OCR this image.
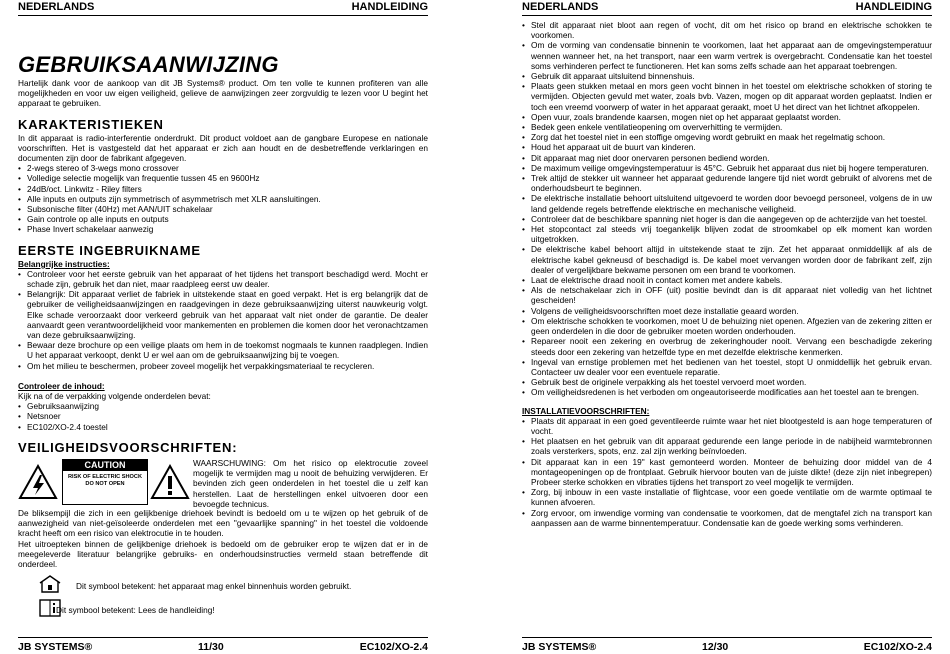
NEDERLANDS	HANDLEIDING
GEBRUIKSAANWIJZING

Hartelijk dank voor de aankoop van dit JB Systems® product. Om ten volle te kunnen profiteren van alle mogelijkheden en voor uw eigen veiligheid, gelieve de aanwijzingen zeer zorgvuldig te lezen voor U begint het apparaat te gebruiken.

KARAKTERISTIEKEN

In dit apparaat is radio-interferentie onderdrukt. Dit product voldoet aan de gangbare Europese en nationale voorschriften. Het is vastgesteld dat het apparaat er zich aan houdt en de desbetreffende verklaringen en documenten zijn door de fabrikant afgegeven.

• 2-wegs stereo of 3-wegs mono crossover
• Volledige selectie mogelijk van frequentie tussen 45 en 9600Hz
• 24dB/oct. Linkwitz - Riley filters
• Alle inputs en outputs zijn symmetrisch of asymmetrisch met XLR aansluitingen.
• Subsonische filter (40Hz) met AAN/UIT schakelaar
• Gain controle op alle inputs en outputs
• Phase Invert schakelaar aanwezig
EERSTE INGEBRUIKNAME
Belangrijke instructies:
• Controleer voor het eerste gebruik van het apparaat of het tijdens het transport beschadigd werd. Mocht er schade zijn, gebruik het dan niet, maar raadpleeg eerst uw dealer.
• Belangrijk: Dit apparaat verliet de fabriek in uitstekende staat en goed verpakt. Het is erg belangrijk dat de gebruiker de veiligheidsaanwijzingen en raadgevingen in deze gebruiksaanwijzing uiterst nauwkeurig volgt. Elke schade veroorzaakt door verkeerd gebruik van het apparaat valt niet onder de garantie. De dealer aanvaardt geen verantwoordelijkheid voor mankementen en problemen die komen door het veronachtzamen van deze gebruiksaanwijzing.
• Bewaar deze brochure op een veilige plaats om hem in de toekomst nogmaals te kunnen raadplegen. Indien U het apparaat verkoopt, denkt U er wel aan om de gebruiksaanwijzing bij te voegen.
• Om het milieu te beschermen, probeer zoveel mogelijk het verpakkingsmateriaal te recycleren.
Controleer de inhoud:

Kijk na of de verpakking volgende onderdelen bevat:

• Gebruiksaanwijzing
• Netsnoer
• EC102/XO-2.4 toestel
VEILIGHEIDSVOORSCHRIFTEN:
CAUTION
RISK OF ELECTRIC SHOCK
DO NOT OPEN

WAARSCHUWING: Om het risico op elektrocutie zoveel mogelijk te vermijden mag u nooit de behuizing verwijderen. Er bevinden zich geen onderdelen in het toestel die u zelf kan herstellen. Laat de herstellingen enkel uitvoeren door een bevoegde technicus.

De bliksempijl die zich in een gelijkbenige driehoek bevindt is bedoeld om u te wijzen op het gebruik of de aanwezigheid van niet-geïsoleerde onderdelen met een "gevaarlijke spanning" in het toestel die voldoende kracht heeft om een risico van elektrocutie in te houden.

Het uitroepteken binnen de gelijkbenige driehoek is bedoeld om de gebruiker erop te wijzen dat er in de meegeleverde literatuur belangrijke gebruiks- en onderhoudsinstructies vermeld staan betreffende dit onderdeel.

Dit symbool betekent: het apparaat mag enkel binnenhuis worden gebruikt.
Dit symbool betekent: Lees de handleiding!
JB SYSTEMS®	11/30	EC102/XO-2.4
NEDERLANDS	HANDLEIDING
• Stel dit apparaat niet bloot aan regen of vocht, dit om het risico op brand en elektrische schokken te voorkomen.
• Om de vorming van condensatie binnenin te voorkomen, laat het apparaat aan de omgevingstemperatuur wennen wanneer het, na het transport, naar een warm vertrek is overgebracht. Condensatie kan het toestel soms verhinderen perfect te functioneren. Het kan soms zelfs schade aan het apparaat toebrengen.
• Gebruik dit apparaat uitsluitend binnenshuis.
• Plaats geen stukken metaal en mors geen vocht binnen in het toestel om elektrische schokken of storing te vermijden. Objecten gevuld met water, zoals bvb. Vazen, mogen op dit apparaat worden geplaatst. Indien er toch een vreemd voorwerp of water in het apparaat geraakt, moet U het direct van het lichtnet afkoppelen.
• Open vuur, zoals brandende kaarsen, mogen niet op het apparaat geplaatst worden.
• Bedek geen enkele ventilatieopening om oververhitting te vermijden.
• Zorg dat het toestel niet in een stoffige omgeving wordt gebruikt en maak het regelmatig schoon.
• Houd het apparaat uit de buurt van kinderen.
• Dit apparaat mag niet door onervaren personen bediend worden.
• De maximum veilige omgevingstemperatuur is 45°C. Gebruik het apparaat dus niet bij hogere temperaturen.
• Trek altijd de stekker uit wanneer het apparaat gedurende langere tijd niet wordt gebruikt of alvorens met de onderhoudsbeurt te beginnen.
• De elektrische installatie behoort uitsluitend uitgevoerd te worden door bevoegd personeel, volgens de in uw land geldende regels betreffende elektrische en mechanische veiligheid.
• Controleer dat de beschikbare spanning niet hoger is dan die aangegeven op de achterzijde van het toestel.
• Het stopcontact zal steeds vrij toegankelijk blijven zodat de stroomkabel op elk moment kan worden uitgetrokken.
• De elektrische kabel behoort altijd in uitstekende staat te zijn. Zet het apparaat onmiddellijk af als de elektrische kabel gekneusd of beschadigd is. De kabel moet vervangen worden door de fabrikant zelf, zijn dealer of vergelijkbare bekwame personen om een brand te voorkomen.
• Laat de elektrische draad nooit in contact komen met andere kabels.
• Als de netschakelaar zich in OFF (uit) positie bevindt dan is dit apparaat niet volledig van het lichtnet gescheiden!
• Volgens de veiligheidsvoorschriften moet deze installatie geaard worden.
• Om elektrische schokken te voorkomen, moet U de behuizing niet openen. Afgezien van de zekering zitten er geen onderdelen in die door de gebruiker moeten worden onderhouden.
• Repareer nooit een zekering en overbrug de zekeringhouder nooit. Vervang een beschadigde zekering steeds door een zekering van hetzelfde type en met dezelfde elektrische kenmerken.
• Ingeval van ernstige problemen met het bedienen van het toestel, stopt U onmiddellijk het gebruik ervan. Contacteer uw dealer voor een eventuele reparatie.
• Gebruik best de originele verpakking als het toestel vervoerd moet worden.
• Om veiligheidsredenen is het verboden om ongeautoriseerde modificaties aan het toestel aan te brengen.
INSTALLATIEVOORSCHRIFTEN:
• Plaats dit apparaat in een goed geventileerde ruimte waar het niet blootgesteld is aan hoge temperaturen of vocht.
• Het plaatsen en het gebruik van dit apparaat gedurende een lange periode in de nabijheid warmtebronnen zoals versterkers, spots, enz. zal zijn werking beïnvloeden.
• Dit apparaat kan in een 19" kast gemonteerd worden. Monteer de behuizing door middel van de 4 montageopeningen op de frontplaat. Gebruik hiervoor bouten van de juiste dikte! (deze zijn niet inbegrepen) Probeer sterke schokken en vibraties tijdens het transport zo veel mogelijk te vermijden.
• Zorg, bij inbouw in een vaste installatie of flightcase, voor een goede ventilatie om de warmte optimaal te kunnen afvoeren.
• Zorg ervoor, om inwendige vorming van condensatie te voorkomen, dat de mengtafel zich na transport kan aanpassen aan de warme binnentemperatuur. Condensatie kan de goede werking soms verhinderen.
JB SYSTEMS®	12/30	EC102/XO-2.4
